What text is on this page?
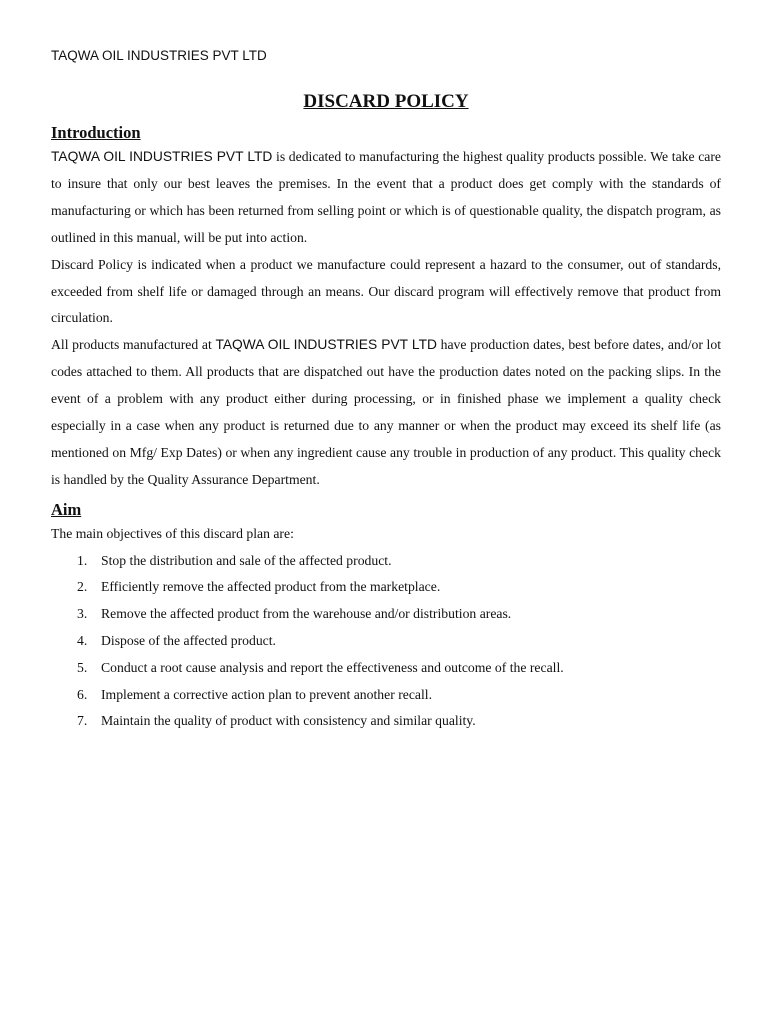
TAQWA OIL INDUSTRIES PVT LTD

DISCARD POLICY
Introduction

TAQWA OIL INDUSTRIES PVT LTD is dedicated to manufacturing the highest quality products possible. We take care to insure that only our best leaves the premises. In the event that a product does get comply with the standards of manufacturing or which has been returned from selling point or which is of questionable quality, the dispatch program, as outlined in this manual, will be put into action.

Discard Policy is indicated when a product we manufacture could represent a hazard to the consumer, out of standards, exceeded from shelf life or damaged through an means. Our discard program will effectively remove that product from circulation.

All products manufactured at TAQWA OIL INDUSTRIES PVT LTD have production dates, best before dates, and/or lot codes attached to them. All products that are dispatched out have the production dates noted on the packing slips. In the event of a problem with any product either during processing, or in finished phase we implement a quality check especially in a case when any product is returned due to any manner or when the product may exceed its shelf life (as mentioned on Mfg/ Exp Dates) or when any ingredient cause any trouble in production of any product. This quality check is handled by the Quality Assurance Department.

Aim

The main objectives of this discard plan are:

1. Stop the distribution and sale of the affected product.
2. Efficiently remove the affected product from the marketplace.
3. Remove the affected product from the warehouse and/or distribution areas.
4. Dispose of the affected product.
5. Conduct a root cause analysis and report the effectiveness and outcome of the recall.
6. Implement a corrective action plan to prevent another recall.
7. Maintain the quality of product with consistency and similar quality.
